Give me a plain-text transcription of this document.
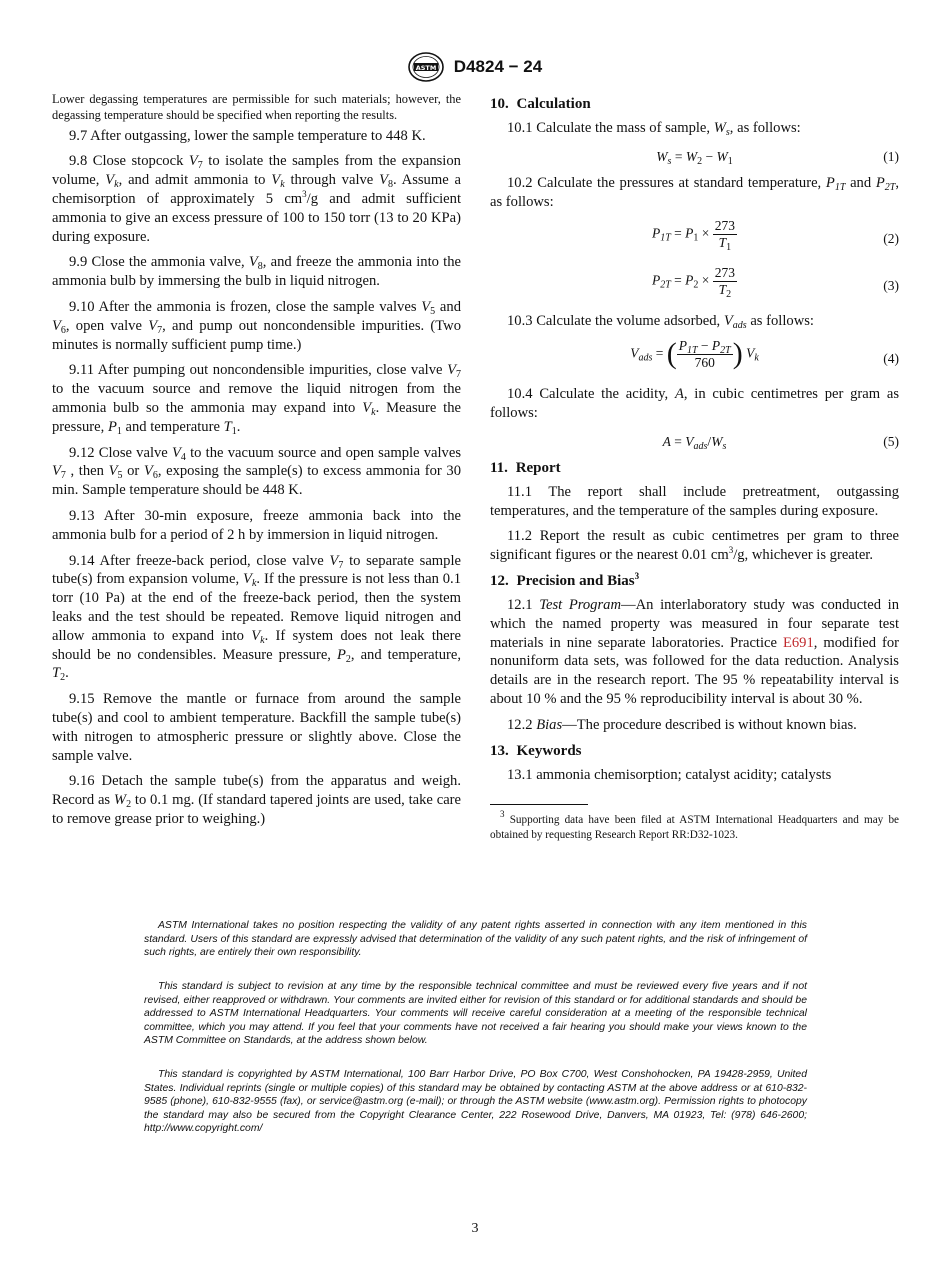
ASTM D4824 − 24

Lower degassing temperatures are permissible for such materials; however, the degassing temperature should be specified when reporting the results.

9.7 After outgassing, lower the sample temperature to 448 K.

9.8 Close stopcock $V_7$ to isolate the samples from the expansion volume, $V_k$, and admit ammonia to $V_k$ through valve $V_8$. Assume a chemisorption of approximately 5 $cm^3/g$ and admit sufficient ammonia to give an excess pressure of 100 to 150 torr (13 to 20 KPa) during exposure.

9.9 Close the ammonia valve, $V_8$, and freeze the ammonia into the ammonia bulb by immersing the bulb in liquid nitrogen.

9.10 After the ammonia is frozen, close the sample valves $V_5$ and $V_6$, open valve $V_7$, and pump out noncondensible impurities. (Two minutes is normally sufficient pump time.)

9.11 After pumping out noncondensible impurities, close valve $V_7$ to the vacuum source and remove the liquid nitrogen from the ammonia bulb so the ammonia may expand into $V_k$. Measure the pressure, $P_1$ and temperature $T_1$.

9.12 Close valve $V_4$ to the vacuum source and open sample valves $V_7$ , then $V_5$ or $V_6$, exposing the sample(s) to excess ammonia for 30 min. Sample temperature should be 448 K.

9.13 After 30-min exposure, freeze ammonia back into the ammonia bulb for a period of 2 h by immersion in liquid nitrogen.

9.14 After freeze-back period, close valve $V_7$ to separate sample tube(s) from expansion volume, $V_k$. If the pressure is not less than 0.1 torr (10 Pa) at the end of the freeze-back period, then the system leaks and the test should be repeated. Remove liquid nitrogen and allow ammonia to expand into $V_k$. If system does not leak there should be no condensibles. Measure pressure, $P_2$, and temperature, $T_2$.

9.15 Remove the mantle or furnace from around the sample tube(s) and cool to ambient temperature. Backfill the sample tube(s) with nitrogen to atmospheric pressure or slightly above. Close the sample valve.

9.16 Detach the sample tube(s) from the apparatus and weigh. Record as $W_2$ to 0.1 mg. (If standard tapered joints are used, take care to remove grease prior to weighing.)

10. Calculation

10.1 Calculate the mass of sample, $W_s$, as follows:

$W_s = W_2 - W_1$	(1)

10.2 Calculate the pressures at standard temperature, $P_{1T}$ and $P_{2T}$, as follows:

$P_{1T} = P_1 \times \frac{273}{T_1}$	(2)
$P_{2T} = P_2 \times \frac{273}{T_2}$	(3)

10.3 Calculate the volume adsorbed, $V_{ads}$ as follows:

$V_{ads}$ = ( $\frac{P_{1T} - P_{2T}}{760}$ ) $V_k$	(4)

10.4 Calculate the acidity, A, in cubic centimetres per gram as follows:

$A = V_{ads}/W_s$	(5)
11. Report

11.1 The report shall include pretreatment, outgassing temperatures, and the temperature of the samples during exposure.

11.2 Report the result as cubic centimetres per gram to three significant figures or the nearest 0.01 $cm^3/g$, whichever is greater.

12. Precision and Bias$^3$

12.1 Test Program—An interlaboratory study was conducted in which the named property was measured in four separate test materials in nine separate laboratories. Practice E691, modified for nonuniform data sets, was followed for the data reduction. Analysis details are in the research report. The 95 % repeatability interval is about 10 % and the 95 % reproducibility interval is about 30 %.

12.2 Bias—The procedure described is without known bias.

13. Keywords

13.1 ammonia chemisorption; catalyst acidity; catalysts

$^3$ Supporting data have been filed at ASTM International Headquarters and may be obtained by requesting Research Report RR:D32-1023.

ASTM International takes no position respecting the validity of any patent rights asserted in connection with any item mentioned in this standard. Users of this standard are expressly advised that determination of the validity of any such patent rights, and the risk of infringement of such rights, are entirely their own responsibility.

This standard is subject to revision at any time by the responsible technical committee and must be reviewed every five years and if not revised, either reapproved or withdrawn. Your comments are invited either for revision of this standard or for additional standards and should be addressed to ASTM International Headquarters. Your comments will receive careful consideration at a meeting of the responsible technical committee, which you may attend. If you feel that your comments have not received a fair hearing you should make your views known to the ASTM Committee on Standards, at the address shown below.

This standard is copyrighted by ASTM International, 100 Barr Harbor Drive, PO Box C700, West Conshohocken, PA 19428-2959, United States. Individual reprints (single or multiple copies) of this standard may be obtained by contacting ASTM at the above address or at 610-832-9585 (phone), 610-832-9555 (fax), or service@astm.org (e-mail); or through the ASTM website (www.astm.org). Permission rights to photocopy the standard may also be secured from the Copyright Clearance Center, 222 Rosewood Drive, Danvers, MA 01923, Tel: (978) 646-2600; http://www.copyright.com/

3
